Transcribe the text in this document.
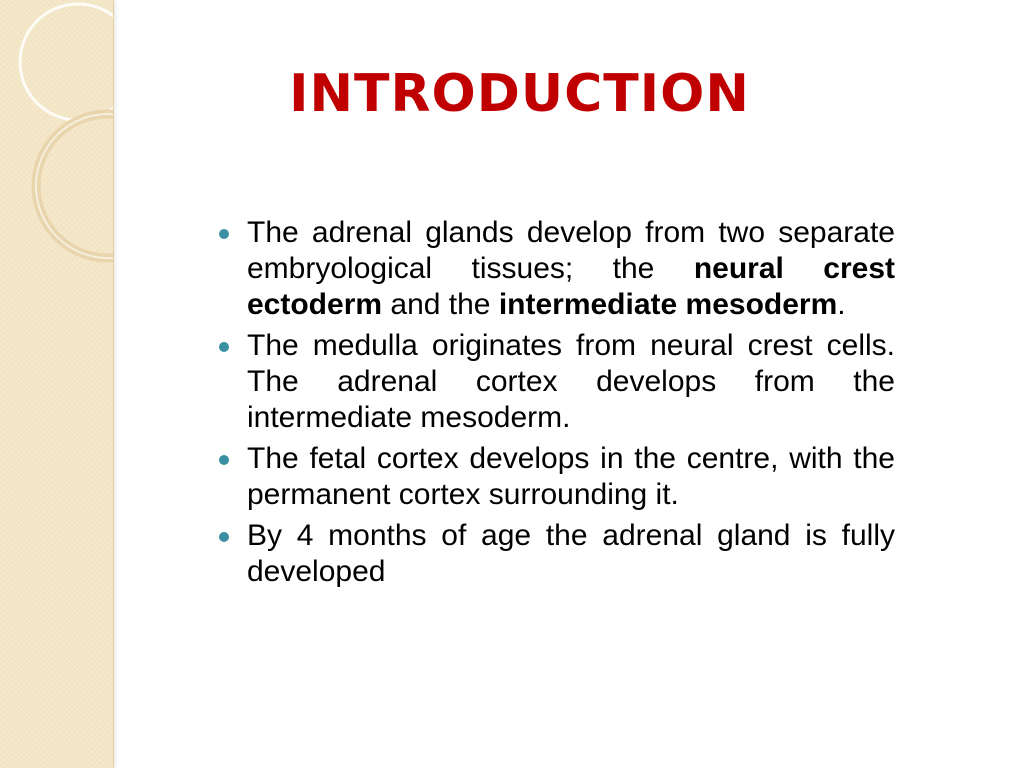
INTRODUCTION
The adrenal glands develop from two separate embryological tissues; the neural crest ectoderm and the intermediate mesoderm.
The medulla originates from neural crest cells. The adrenal cortex develops from the intermediate mesoderm.
The fetal cortex develops in the centre, with the permanent cortex surrounding it.
By 4 months of age the adrenal gland is fully developed
